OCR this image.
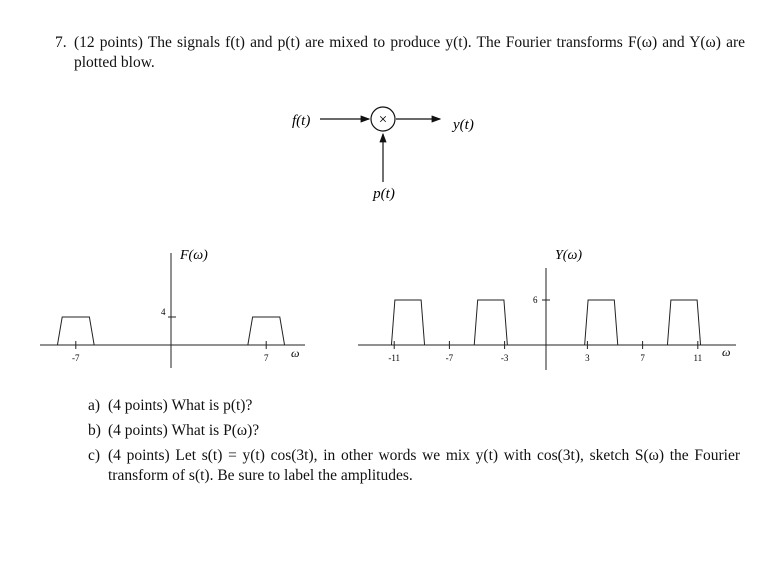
7. (12 points) The signals f(t) and p(t) are mixed to produce y(t). The Fourier transforms F(ω) and Y(ω) are plotted blow.
f(t)	×	y(t)
p(t)
4
F(ω)
ω
-7	7
6
Y(ω)
ω
-11	-7	-3	3	7	11
a) (4 points) What is p(t)?
b) (4 points) What is P(ω)?
c) (4 points) Let s(t) = y(t) cos(3t), in other words we mix y(t) with cos(3t), sketch S(ω) the Fourier transform of s(t). Be sure to label the amplitudes.
